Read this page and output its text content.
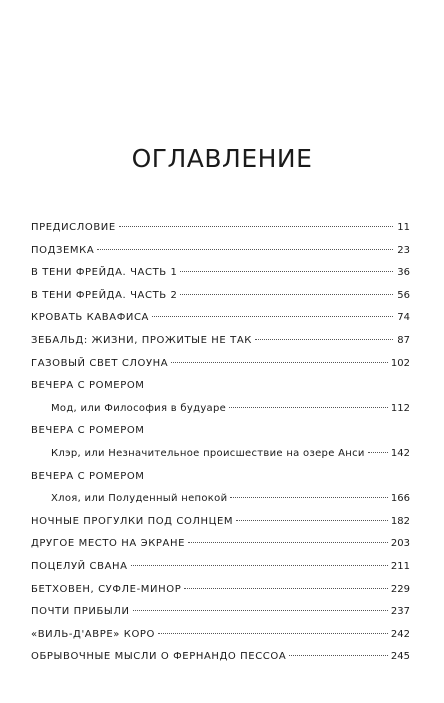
ОГЛАВЛЕНИЕ
ПРЕДИСЛОВИЕ	11
ПОДЗЕМКА	23
В ТЕНИ ФРЕЙДА. ЧАСТЬ 1	36
В ТЕНИ ФРЕЙДА. ЧАСТЬ 2	56
КРОВАТЬ КАВАФИСА	74
ЗЕБАЛЬД: ЖИЗНИ, ПРОЖИТЫЕ НЕ ТАК	87
ГАЗОВЫЙ СВЕТ СЛОУНА	102
ВЕЧЕРА С РОМЕРОМ
Мод, или Философия в будуаре	112
ВЕЧЕРА С РОМЕРОМ
Клэр, или Незначительное происшествие на озере Анси	142
ВЕЧЕРА С РОМЕРОМ
Хлоя, или Полуденный непокой	166
НОЧНЫЕ ПРОГУЛКИ ПОД СОЛНЦЕМ	182
ДРУГОЕ МЕСТО НА ЭКРАНЕ	203
ПОЦЕЛУЙ СВАНА	211
БЕТХОВЕН, СУФЛЕ-МИНОР	229
ПОЧТИ ПРИБЫЛИ	237
«ВИЛЬ-Д'АВРЕ» КОРО	242
ОБРЫВОЧНЫЕ МЫСЛИ О ФЕРНАНДО ПЕССОА	245
